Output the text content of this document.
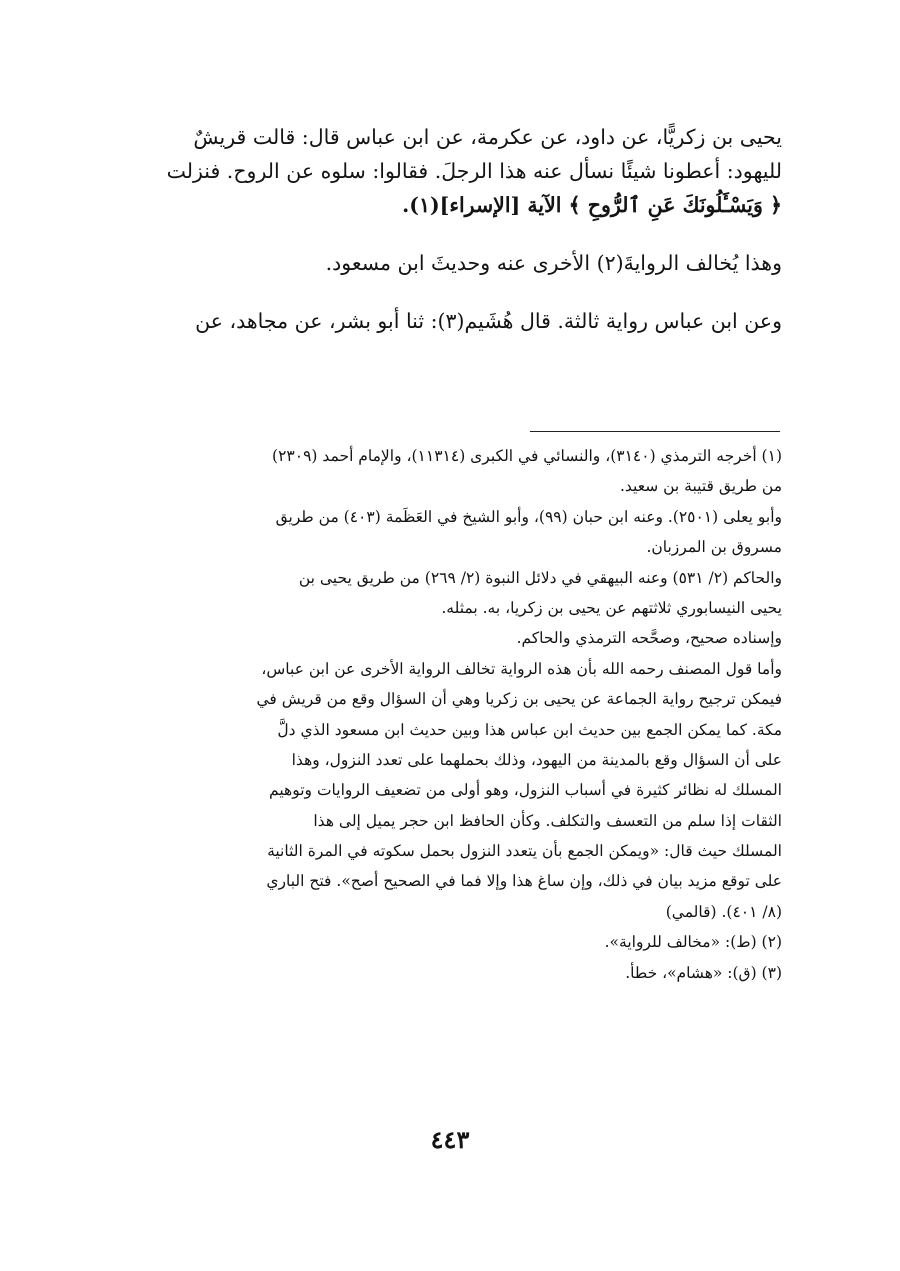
يحيى بن زكريًّا، عن داود، عن عكرمة، عن ابن عباس قال: قالت قريشٌ
لليهود: أعطونا شيئًا نسأل عنه هذا الرجلَ. فقالوا: سلوه عن الروح. فنزلت
﴿ وَيَسْـَٔلُونَكَ عَنِ ٱلرُّوحِ ﴾ الآية [الإسراء](١).
وهذا يُخالف الروايةَ(٢) الأخرى عنه وحديثَ ابن مسعود.
وعن ابن عباس رواية ثالثة. قال هُشَيم(٣): ثنا أبو بشر، عن مجاهد، عن
(١) أخرجه الترمذي (٣١٤٠)، والنسائي في الكبرى (١١٣١٤)، والإمام أحمد (٢٣٠٩)
من طريق قتيبة بن سعيد.
وأبو يعلى (٢٥٠١). وعنه ابن حبان (٩٩)، وأبو الشيخ في العَظَمة (٤٠٣) من طريق
مسروق بن المرزبان.
والحاكم (٢/ ٥٣١) وعنه البيهقي في دلائل النبوة (٢/ ٢٦٩) من طريق يحيى بن
يحيى النيسابوري ثلاثتهم عن يحيى بن زكريا، به. بمثله.
وإسناده صحيح، وصحَّحه الترمذي والحاكم.
وأما قول المصنف رحمه الله بأن هذه الرواية تخالف الرواية الأخرى عن ابن عباس،
فيمكن ترجيح رواية الجماعة عن يحيى بن زكريا وهي أن السؤال وقع من قريش في
مكة. كما يمكن الجمع بين حديث ابن عباس هذا وبين حديث ابن مسعود الذي دلَّ
على أن السؤال وقع بالمدينة من اليهود، وذلك بحملهما على تعدد النزول، وهذا
المسلك له نظائر كثيرة في أسباب النزول، وهو أولى من تضعيف الروايات وتوهيم
الثقات إذا سلم من التعسف والتكلف. وكأن الحافظ ابن حجر يميل إلى هذا
المسلك حيث قال: «ويمكن الجمع بأن يتعدد النزول بحمل سكوته في المرة الثانية
على توقع مزيد بيان في ذلك، وإن ساغ هذا وإلا فما في الصحيح أصح». فتح الباري
(٨/ ٤٠١). (قالمي)
(٢) (ط): «مخالف للرواية».
(٣) (ق): «هشام»، خطأ.
٤٤٣
